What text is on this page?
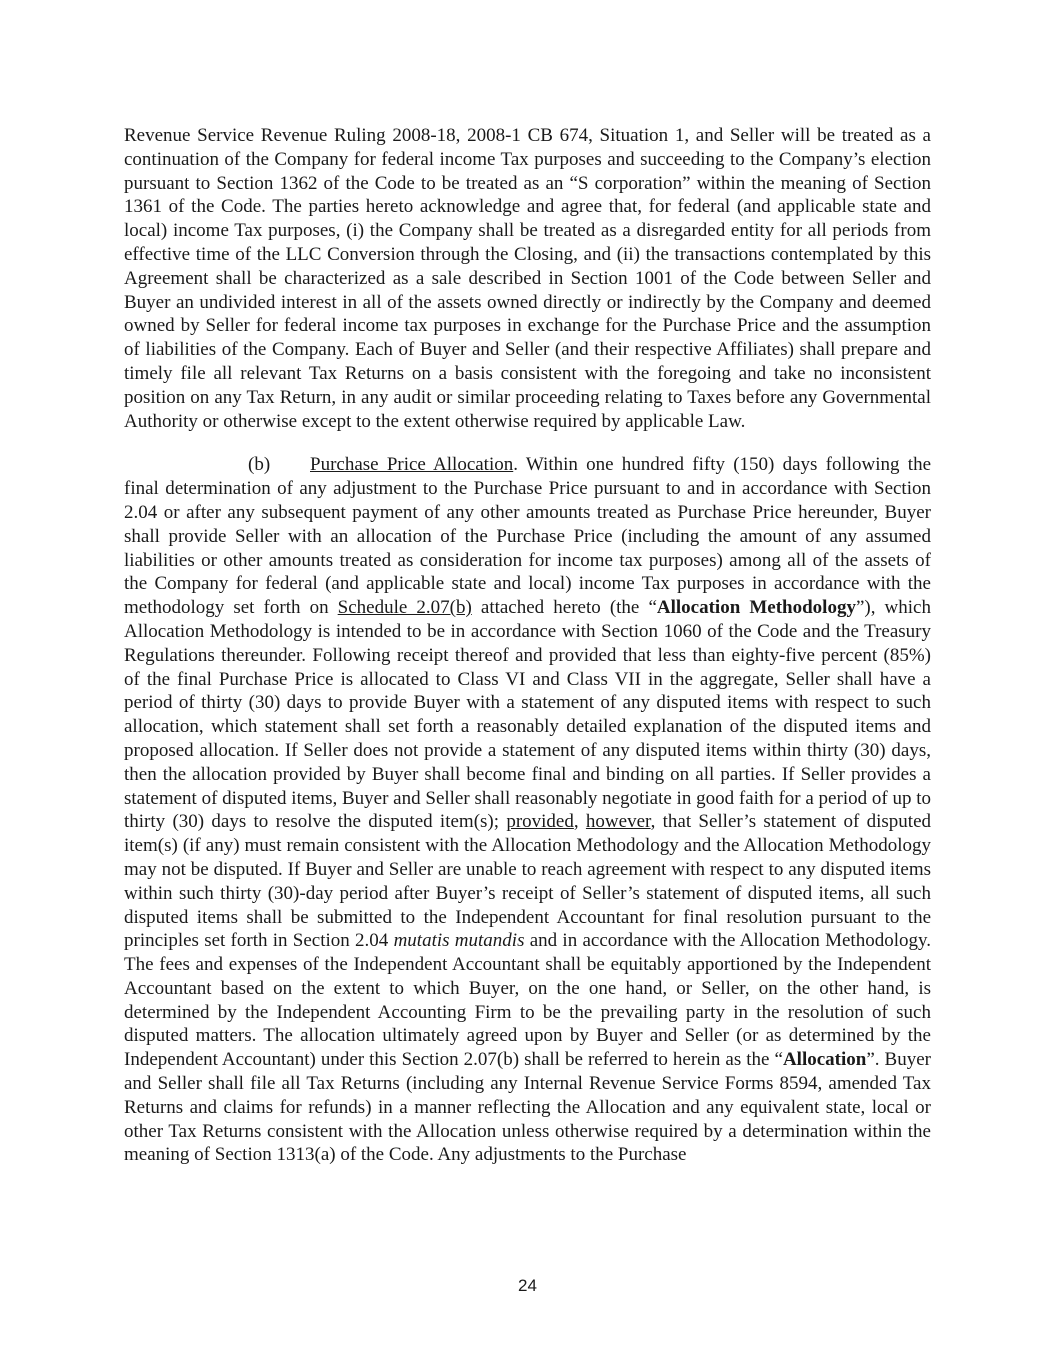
Revenue Service Revenue Ruling 2008-18, 2008-1 CB 674, Situation 1, and Seller will be treated as a continuation of the Company for federal income Tax purposes and succeeding to the Company’s election pursuant to Section 1362 of the Code to be treated as an “S corporation” within the meaning of Section 1361 of the Code. The parties hereto acknowledge and agree that, for federal (and applicable state and local) income Tax purposes, (i) the Company shall be treated as a disregarded entity for all periods from effective time of the LLC Conversion through the Closing, and (ii) the transactions contemplated by this Agreement shall be characterized as a sale described in Section 1001 of the Code between Seller and Buyer an undivided interest in all of the assets owned directly or indirectly by the Company and deemed owned by Seller for federal income tax purposes in exchange for the Purchase Price and the assumption of liabilities of the Company. Each of Buyer and Seller (and their respective Affiliates) shall prepare and timely file all relevant Tax Returns on a basis consistent with the foregoing and take no inconsistent position on any Tax Return, in any audit or similar proceeding relating to Taxes before any Governmental Authority or otherwise except to the extent otherwise required by applicable Law.

(b) Purchase Price Allocation. Within one hundred fifty (150) days following the final determination of any adjustment to the Purchase Price pursuant to and in accordance with Section 2.04 or after any subsequent payment of any other amounts treated as Purchase Price hereunder, Buyer shall provide Seller with an allocation of the Purchase Price (including the amount of any assumed liabilities or other amounts treated as consideration for income tax purposes) among all of the assets of the Company for federal (and applicable state and local) income Tax purposes in accordance with the methodology set forth on Schedule 2.07(b) attached hereto (the “Allocation Methodology”), which Allocation Methodology is intended to be in accordance with Section 1060 of the Code and the Treasury Regulations thereunder. Following receipt thereof and provided that less than eighty-five percent (85%) of the final Purchase Price is allocated to Class VI and Class VII in the aggregate, Seller shall have a period of thirty (30) days to provide Buyer with a statement of any disputed items with respect to such allocation, which statement shall set forth a reasonably detailed explanation of the disputed items and proposed allocation. If Seller does not provide a statement of any disputed items within thirty (30) days, then the allocation provided by Buyer shall become final and binding on all parties. If Seller provides a statement of disputed items, Buyer and Seller shall reasonably negotiate in good faith for a period of up to thirty (30) days to resolve the disputed item(s); provided, however, that Seller’s statement of disputed item(s) (if any) must remain consistent with the Allocation Methodology and the Allocation Methodology may not be disputed. If Buyer and Seller are unable to reach agreement with respect to any disputed items within such thirty (30)-day period after Buyer’s receipt of Seller’s statement of disputed items, all such disputed items shall be submitted to the Independent Accountant for final resolution pursuant to the principles set forth in Section 2.04 mutatis mutandis and in accordance with the Allocation Methodology. The fees and expenses of the Independent Accountant shall be equitably apportioned by the Independent Accountant based on the extent to which Buyer, on the one hand, or Seller, on the other hand, is determined by the Independent Accounting Firm to be the prevailing party in the resolution of such disputed matters. The allocation ultimately agreed upon by Buyer and Seller (or as determined by the Independent Accountant) under this Section 2.07(b) shall be referred to herein as the “Allocation”. Buyer and Seller shall file all Tax Returns (including any Internal Revenue Service Forms 8594, amended Tax Returns and claims for refunds) in a manner reflecting the Allocation and any equivalent state, local or other Tax Returns consistent with the Allocation unless otherwise required by a determination within the meaning of Section 1313(a) of the Code. Any adjustments to the Purchase

24
